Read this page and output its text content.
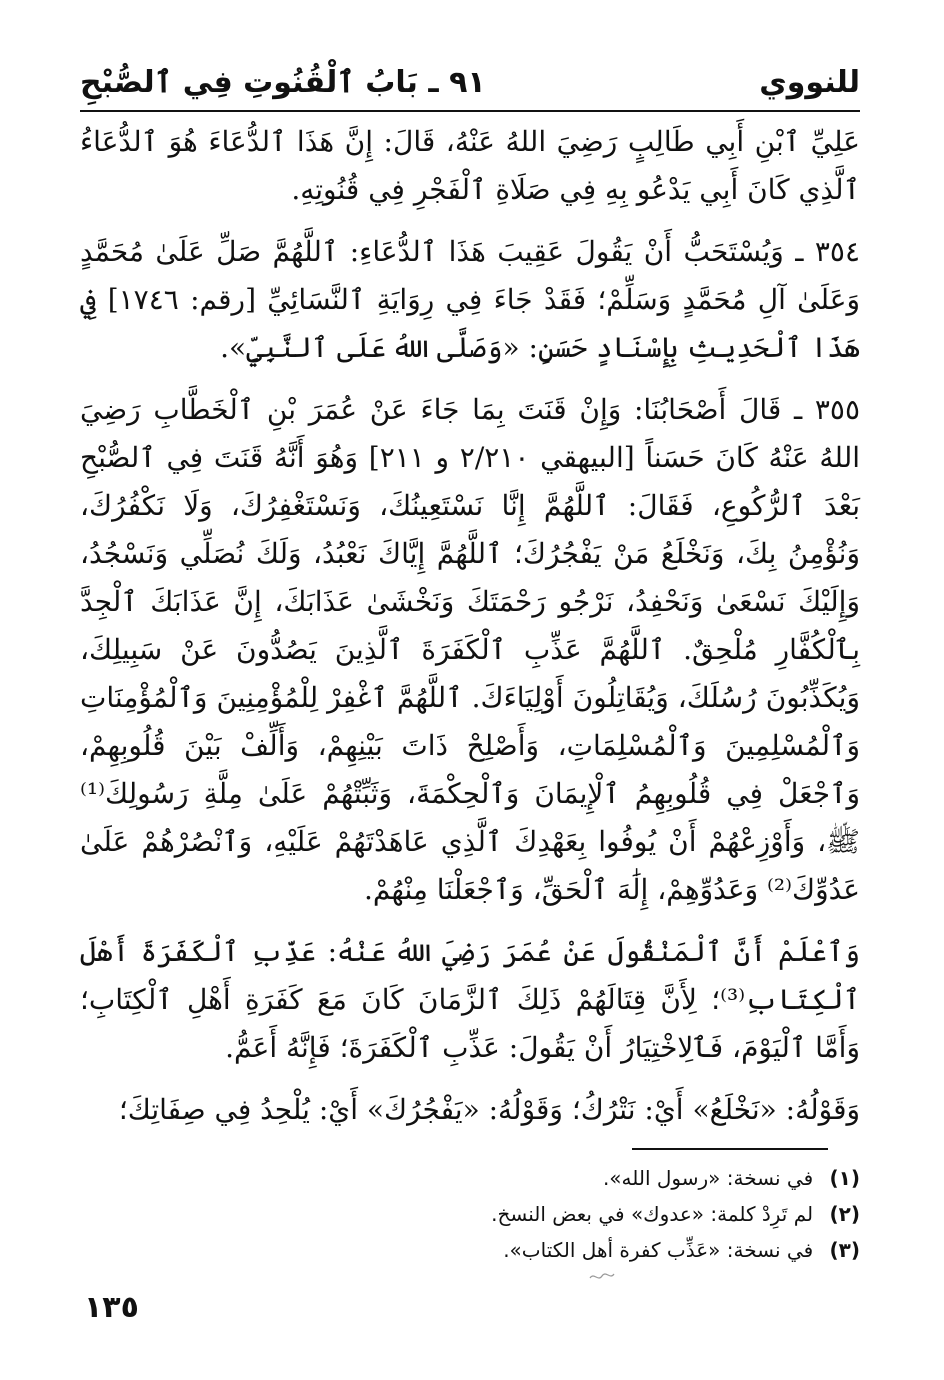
للنووي
٩١ ـ بَابُ ٱلْقُنُوتِ فِي ٱلصُّبْحِ

عَلِيِّ ٱبْنِ أَبِي طَالِبٍ رَضِيَ اللهُ عَنْهُ، قَالَ: إِنَّ هَذَا ٱلدُّعَاءَ هُوَ ٱلدُّعَاءُ ٱلَّذِي كَانَ أَبِي يَدْعُو بِهِ فِي صَلَاةِ ٱلْفَجْرِ فِي قُنُوتِهِ.

٣٥٤ ـ وَيُسْتَحَبُّ أَنْ يَقُولَ عَقِيبَ هَذَا ٱلدُّعَاءِ: ٱللَّهُمَّ صَلِّ عَلَىٰ مُحَمَّدٍ وَعَلَىٰ آلِ مُحَمَّدٍ وَسَلِّمْ؛ فَقَدْ جَاءَ فِي رِوَايَةِ ٱلنَّسَائِيِّ [رقم: ١٧٤٦] فِي هَذَا ٱلْحَدِيثِ بِإِسْنَادٍ حَسَنٍ: «وَصَلَّى اللهُ عَلَى ٱلنَّبِيِّ».

٣٥٥ ـ قَالَ أَصْحَابُنَا: وَإِنْ قَنَتَ بِمَا جَاءَ عَنْ عُمَرَ بْنِ ٱلْخَطَّابِ رَضِيَ اللهُ عَنْهُ كَانَ حَسَناً [البيهقي ٢/٢١٠ و ٢١١] وَهُوَ أَنَّهُ قَنَتَ فِي ٱلصُّبْحِ بَعْدَ ٱلرُّكُوعِ، فَقَالَ: ٱللَّهُمَّ إِنَّا نَسْتَعِينُكَ، وَنَسْتَغْفِرُكَ، وَلَا نَكْفُرُكَ، وَنُؤْمِنُ بِكَ، وَنَخْلَعُ مَنْ يَفْجُرُكَ؛ ٱللَّهُمَّ إِيَّاكَ نَعْبُدُ، وَلَكَ نُصَلِّي وَنَسْجُدُ، وَإِلَيْكَ نَسْعَىٰ وَنَحْفِدُ، نَرْجُو رَحْمَتَكَ وَنَخْشَىٰ عَذَابَكَ، إِنَّ عَذَابَكَ ٱلْجِدَّ بِٱلْكُفَّارِ مُلْحِقٌ. ٱللَّهُمَّ عَذِّبِ ٱلْكَفَرَةَ ٱلَّذِينَ يَصُدُّونَ عَنْ سَبِيلِكَ، وَيُكَذِّبُونَ رُسُلَكَ، وَيُقَاتِلُونَ أَوْلِيَاءَكَ. ٱللَّهُمَّ ٱغْفِرْ لِلْمُؤْمِنِينَ وَٱلْمُؤْمِنَاتِ وَٱلْمُسْلِمِينَ وَٱلْمُسْلِمَاتِ، وَأَصْلِحْ ذَاتَ بَيْنِهِمْ، وَأَلِّفْ بَيْنَ قُلُوبِهِمْ، وَٱجْعَلْ فِي قُلُوبِهِمُ ٱلْإِيمَانَ وَٱلْحِكْمَةَ، وَثَبِّتْهُمْ عَلَىٰ مِلَّةِ رَسُولِكَ⁽¹⁾ ﷺ، وَأَوْزِعْهُمْ أَنْ يُوفُوا بِعَهْدِكَ ٱلَّذِي عَاهَدْتَهُمْ عَلَيْهِ، وَٱنْصُرْهُمْ عَلَىٰ عَدُوِّكَ⁽²⁾ وَعَدُوِّهِمْ، إِلَٰهَ ٱلْحَقِّ، وَٱجْعَلْنَا مِنْهُمْ.

وَٱعْلَمْ أَنَّ ٱلْمَنْقُولَ عَنْ عُمَرَ رَضِيَ اللهُ عَنْهُ: عَذِّبِ ٱلْكَفَرَةَ أَهْلَ ٱلْكِتَابِ⁽³⁾؛ لِأَنَّ قِتَالَهُمْ ذَلِكَ ٱلزَّمَانَ كَانَ مَعَ كَفَرَةِ أَهْلِ ٱلْكِتَابِ؛ وَأَمَّا ٱلْيَوْمَ، فَٱلِاخْتِيَارُ أَنْ يَقُولَ: عَذِّبِ ٱلْكَفَرَةَ؛ فَإِنَّهُ أَعَمُّ.

وَقَوْلُهُ: «نَخْلَعُ» أَيْ: نَتْرُكُ؛ وَقَوْلُهُ: «يَفْجُرُكَ» أَيْ: يُلْحِدُ فِي صِفَاتِكَ؛

(١) في نسخة: «رسول الله».
(٢) لم تَرِدْ كلمة: «عدوك» في بعض النسخ.
(٣) في نسخة: «عَذِّب كفرة أهل الكتاب».
١٣٥
